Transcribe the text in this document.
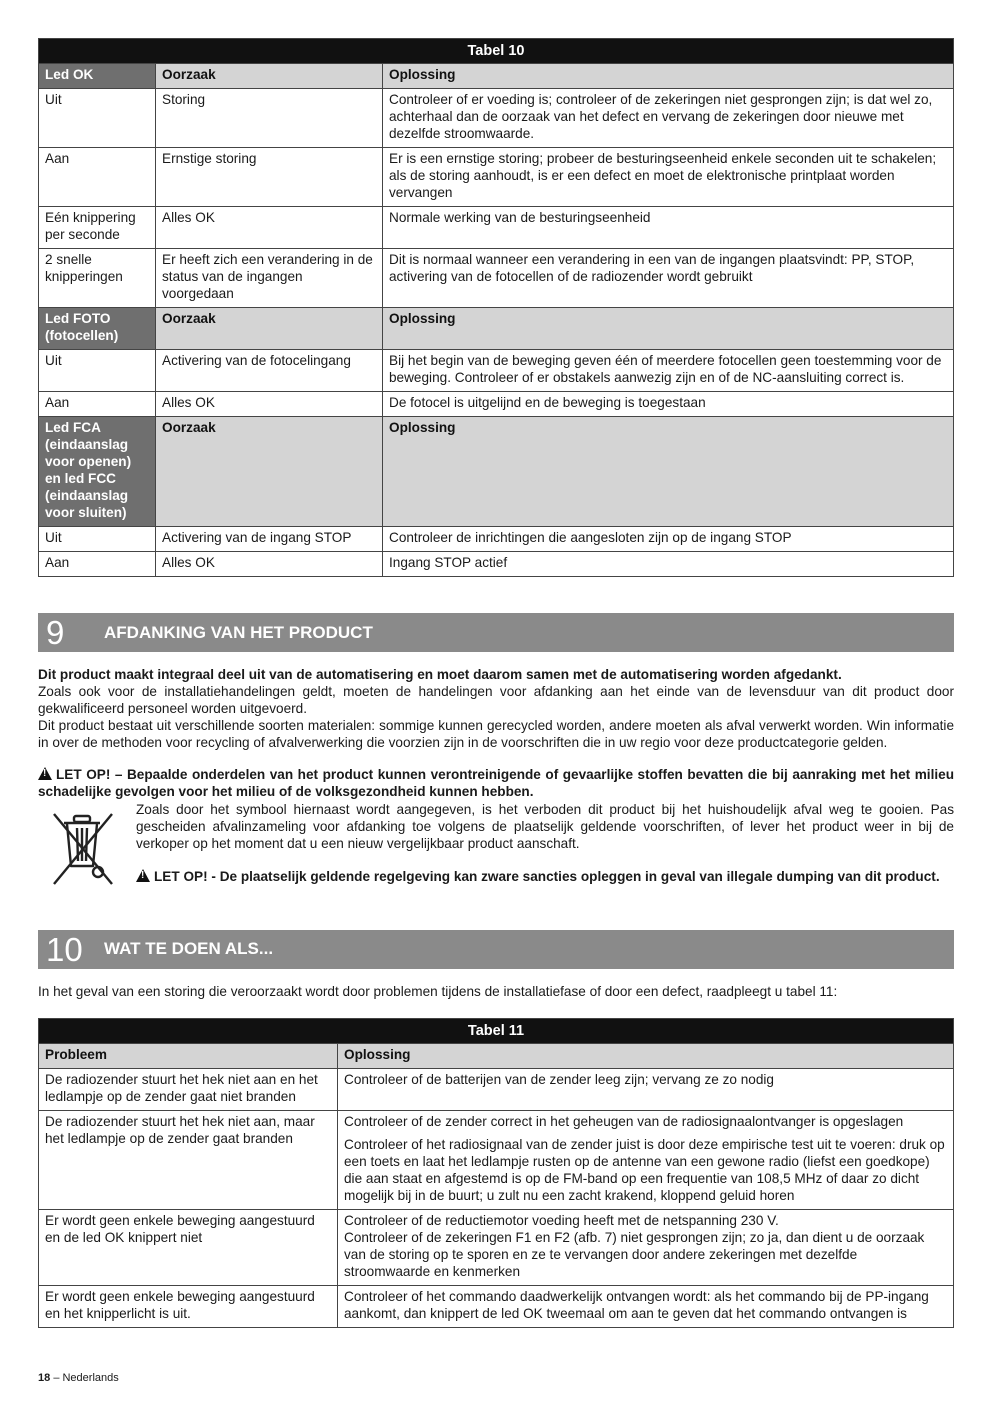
Tabel 10		
Led OK	Oorzaak	Oplossing
Uit	Storing	Controleer of er voeding is; controleer of de zekeringen niet gesprongen zijn; is dat wel zo, achterhaal dan de oorzaak van het defect en vervang de zekeringen door nieuwe met dezelfde stroomwaarde.
Aan	Ernstige storing	Er is een ernstige storing; probeer de besturingseenheid enkele seconden uit te schakelen; als de storing aanhoudt, is er een defect en moet de elektronische printplaat worden vervangen
Eén knippering per seconde	Alles OK	Normale werking van de besturingseenheid
2 snelle knipperingen	Er heeft zich een verandering in de status van de ingangen voorgedaan	Dit is normaal wanneer een verandering in een van de ingangen plaatsvindt: PP, STOP, activering van de fotocellen of de radiozender wordt gebruikt
Led FOTO (fotocellen)	Oorzaak	Oplossing
Uit	Activering van de fotocelingang	Bij het begin van de beweging geven één of meerdere fotocellen geen toestemming voor de beweging. Controleer of er obstakels aanwezig zijn en of de NC-aansluiting correct is.
Aan	Alles OK	De fotocel is uitgelijnd en de beweging is toegestaan
Led FCA (eindaanslag voor openen) en led FCC (eindaanslag voor sluiten)	Oorzaak	Oplossing
Uit	Activering van de ingang STOP	Controleer de inrichtingen die aangesloten zijn op de ingang STOP
Aan	Alles OK	Ingang STOP actief
9	AFDANKING VAN HET PRODUCT

Dit product maakt integraal deel uit van de automatisering en moet daarom samen met de automatisering worden afgedankt.

Zoals ook voor de installatiehandelingen geldt, moeten de handelingen voor afdanking aan het einde van de levensduur van dit product door gekwalificeerd personeel worden uitgevoerd.

Dit product bestaat uit verschillende soorten materialen: sommige kunnen gerecycled worden, andere moeten als afval verwerkt worden. Win informatie in over de methoden voor recycling of afvalverwerking die voorzien zijn in de voorschriften die in uw regio voor deze productcategorie gelden.

!LET OP! – Bepaalde onderdelen van het product kunnen verontreinigende of gevaarlijke stoffen bevatten die bij aanraking met het milieu schadelijke gevolgen voor het milieu of de volksgezondheid kunnen hebben.

Zoals door het symbool hiernaast wordt aangegeven, is het verboden dit product bij het huishoudelijk afval weg te gooien. Pas gescheiden afvalinzameling voor afdanking toe volgens de plaatselijk geldende voorschriften, of lever het product weer in bij de verkoper op het moment dat u een nieuw vergelijkbaar product aanschaft.

!LET OP! - De plaatselijk geldende regelgeving kan zware sancties opleggen in geval van illegale dumping van dit product.

10	WAT TE DOEN ALS...

In het geval van een storing die veroorzaakt wordt door problemen tijdens de installatiefase of door een defect, raadpleegt u tabel 11:

Tabel 11	
Probleem	Oplossing
De radiozender stuurt het hek niet aan en het ledlampje op de zender gaat niet branden	Controleer of de batterijen van de zender leeg zijn; vervang ze zo nodig

De radiozender stuurt het hek niet aan, maar het ledlampje op de zender gaat branden	Controleer of de zender correct in het geheugen van de radiosignaalontvanger is opgeslagen

Controleer of het radiosignaal van de zender juist is door deze empirische test uit te voeren: druk op een toets en laat het ledlampje rusten op de antenne van een gewone radio (liefst een goedkope) die aan staat en afgestemd is op de FM-band op een frequentie van 108,5 MHz of daar zo dicht mogelijk bij in de buurt; u zult nu een zacht krakend, kloppend geluid horen

Er wordt geen enkele beweging aangestuurd en de led OK knippert niet	Controleer of de reductiemotor voeding heeft met de netspanning 230 V.

Controleer of de zekeringen F1 en F2 (afb. 7) niet gesprongen zijn; zo ja, dan dient u de oorzaak van de storing op te sporen en ze te vervangen door andere zekeringen met dezelfde stroomwaarde en kenmerken

Er wordt geen enkele beweging aangestuurd en het knipperlicht is uit.	Controleer of het commando daadwerkelijk ontvangen wordt: als het commando bij de PP-ingang aankomt, dan knippert de led OK tweemaal om aan te geven dat het commando ontvangen is

18 – Nederlands
